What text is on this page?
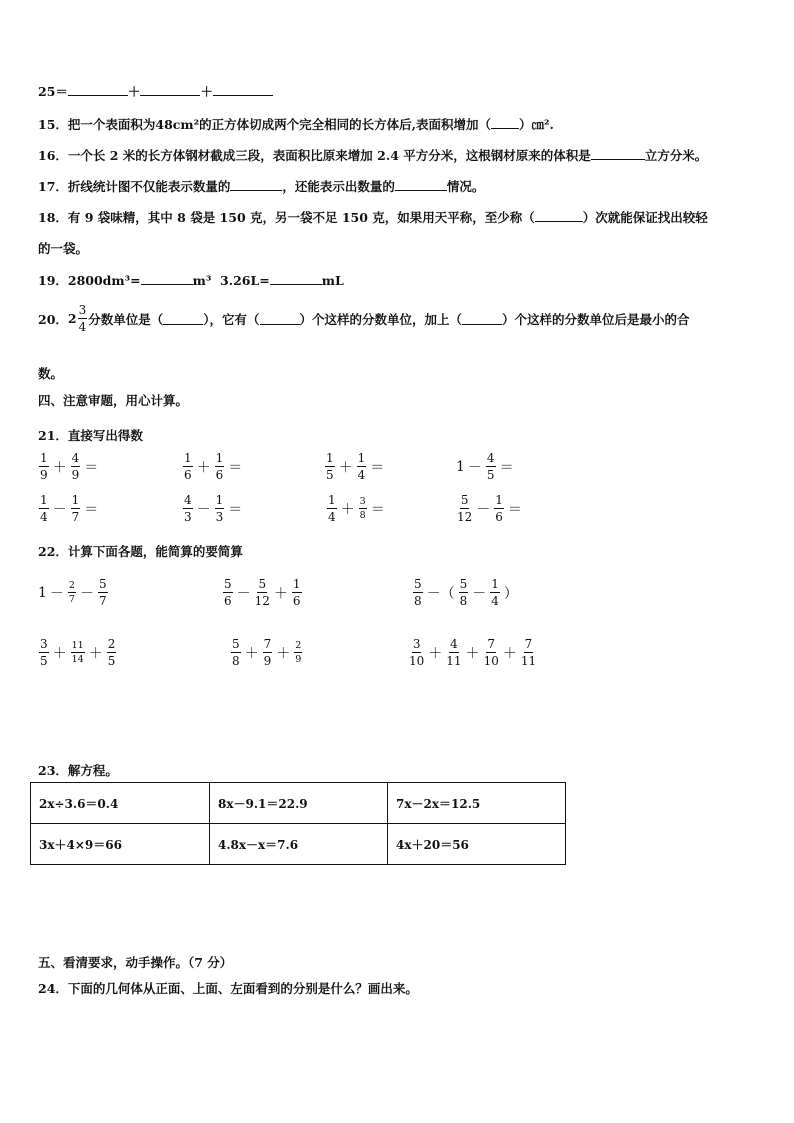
25＝	＋	＋
15．把一个表面积为48cm²的正方体切成两个完全相同的长方体后,表面积增加（ ）㎝².
16．一个长 2 米的长方体钢材截成三段，表面积比原来增加 2.4 平方分米，这根钢材原来的体积是	立方分米。
17．折线统计图不仅能表示数量的	，还能表示出数量的	情况。
18．有 9 袋味精，其中 8 袋是 150 克，另一袋不足 150 克，如果用天平称，至少称（	）次就能保证找出较轻
的一袋。
19．2800dm³=	m³ 3.26L=	mL
20． $2 \frac{3}{4}$ 分数单位是（	），它有（	）个这样的分数单位，加上（	）个这样的分数单位后是最小的合
数。
四、注意审题，用心计算。
21．直接写出得数
$\frac{1}{9} + \frac{4}{9}$ ＝	$\frac{1}{6} + \frac{1}{6}$ ＝	$\frac{1}{5} + \frac{1}{4}$ ＝	$1 - \frac{4}{5}$ ＝
$\frac{1}{4} - \frac{1}{7}$ ＝	$\frac{4}{3} - \frac{1}{3}$ ＝	$\frac{1}{4} + \frac{3}{8}$ ＝	$\frac{5}{12} - \frac{1}{6}$ ＝
22．计算下面各题，能简算的要简算
$1 - \frac{2}{7} - \frac{5}{7}$	$\frac{5}{6} - \frac{5}{12} + \frac{1}{6}$	$\frac{5}{8}$ －（ $\frac{5}{8} - \frac{1}{4}$ ）
$\frac{3}{5} + \frac{11}{14} + \frac{2}{5}$	$\frac{5}{8} + \frac{7}{9} + \frac{2}{9}$	$\frac{3}{10} + \frac{4}{11} + \frac{7}{10} + \frac{7}{11}$
23．解方程。
2x÷3.6＝0.4	8x－9.1＝22.9	7x－2x＝12.5
3x＋4×9＝66	4.8x－x＝7.6	4x＋20＝56
五、看清要求，动手操作。（7 分）
24．下面的几何体从正面、上面、左面看到的分别是什么？画出来。
